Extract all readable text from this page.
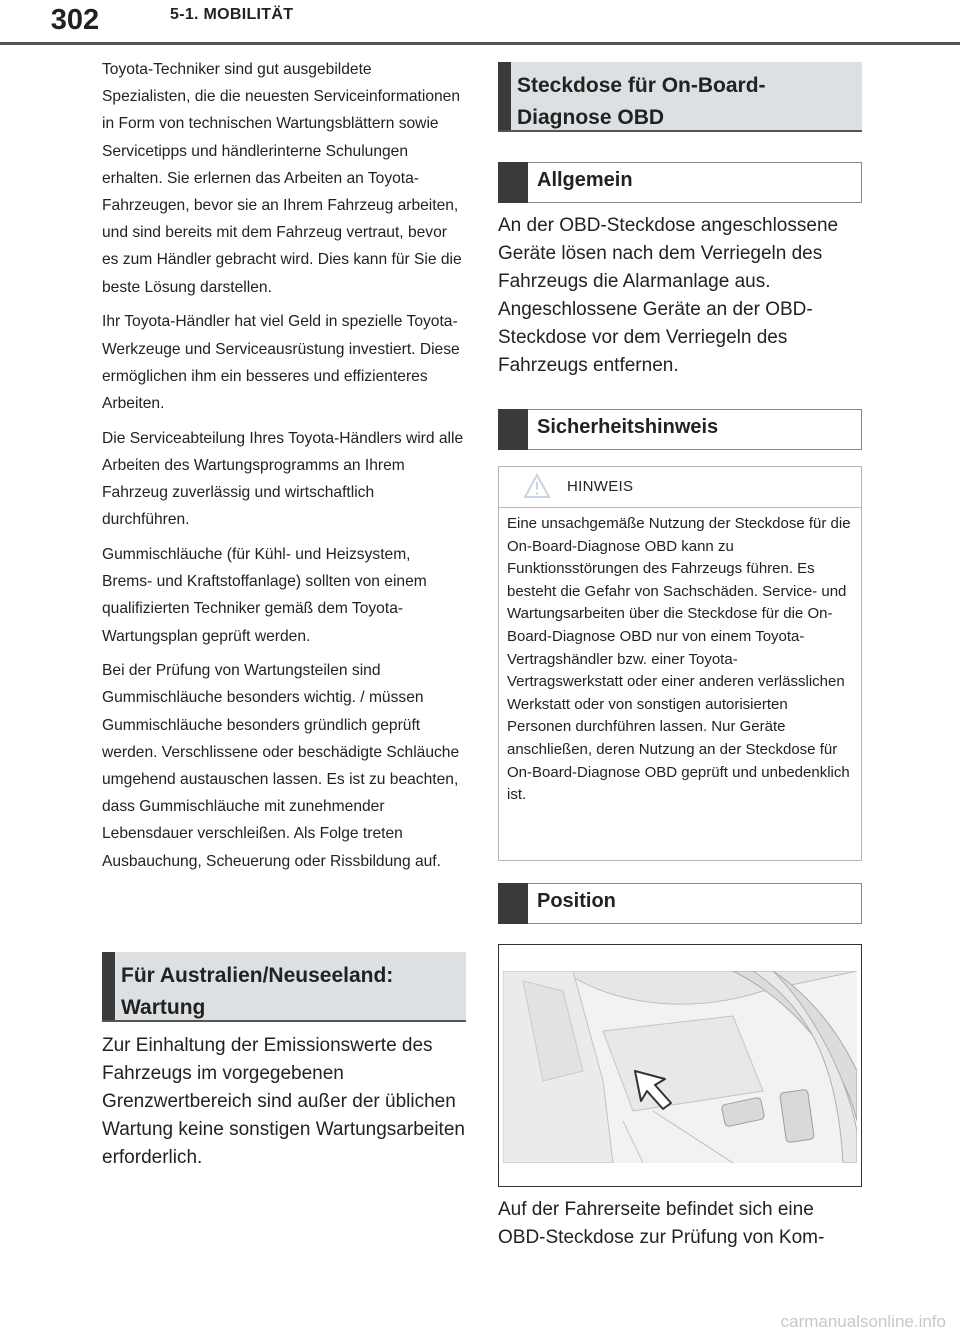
302	5-1. MOBILITÄT

Toyota-Techniker sind gut ausgebildete Spezialisten, die die neuesten Serviceinformationen in Form von technischen Wartungsblättern sowie Servicetipps und händlerinterne Schulungen erhalten. Sie erlernen das Arbeiten an Toyota-Fahrzeugen, bevor sie an Ihrem Fahrzeug arbeiten, und sind bereits mit dem Fahrzeug vertraut, bevor es zum Händler gebracht wird. Dies kann für Sie die beste Lösung darstellen.

Ihr Toyota-Händler hat viel Geld in spezielle Toyota-Werkzeuge und Serviceausrüstung investiert. Diese ermöglichen ihm ein besseres und effizienteres Arbeiten.

Die Serviceabteilung Ihres Toyota-Händlers wird alle Arbeiten des Wartungsprogramms an Ihrem Fahrzeug zuverlässig und wirtschaftlich durchführen.

Gummischläuche (für Kühl- und Heizsystem, Brems- und Kraftstoffanlage) sollten von einem qualifizierten Techniker gemäß dem Toyota-Wartungsplan geprüft werden.

Bei der Prüfung von Wartungsteilen sind Gummischläuche besonders wichtig. / müssen Gummischläuche besonders gründlich geprüft werden. Verschlissene oder beschädigte Schläuche umgehend austauschen lassen. Es ist zu beachten, dass Gummischläuche mit zunehmender Lebensdauer verschleißen. Als Folge treten Ausbauchung, Scheuerung oder Rissbildung auf.

Für Australien/Neuseeland: Wartung

Zur Einhaltung der Emissionswerte des Fahrzeugs im vorgegebenen Grenzwertbereich sind außer der üblichen Wartung keine sonstigen Wartungsarbeiten erforderlich.

Steckdose für On-Board-Diagnose OBD
Allgemein

An der OBD-Steckdose angeschlossene Geräte lösen nach dem Verriegeln des Fahrzeugs die Alarmanlage aus. Angeschlossene Geräte an der OBD-Steckdose vor dem Verriegeln des Fahrzeugs entfernen.

Sicherheitshinweis
HINWEIS

Eine unsachgemäße Nutzung der Steckdose für die On-Board-Diagnose OBD kann zu Funktionsstörungen des Fahrzeugs führen. Es besteht die Gefahr von Sachschäden. Service- und Wartungsarbeiten über die Steckdose für die On-Board-Diagnose OBD nur von einem Toyota-Vertragshändler bzw. einer Toyota-Vertragswerkstatt oder einer anderen verlässlichen Werkstatt oder von sonstigen autorisierten Personen durchführen lassen. Nur Geräte anschließen, deren Nutzung an der Steckdose für On-Board-Diagnose OBD geprüft und unbedenklich ist.

Position

Auf der Fahrerseite befindet sich eine OBD-Steckdose zur Prüfung von Kom-

carmanualsonline.info
